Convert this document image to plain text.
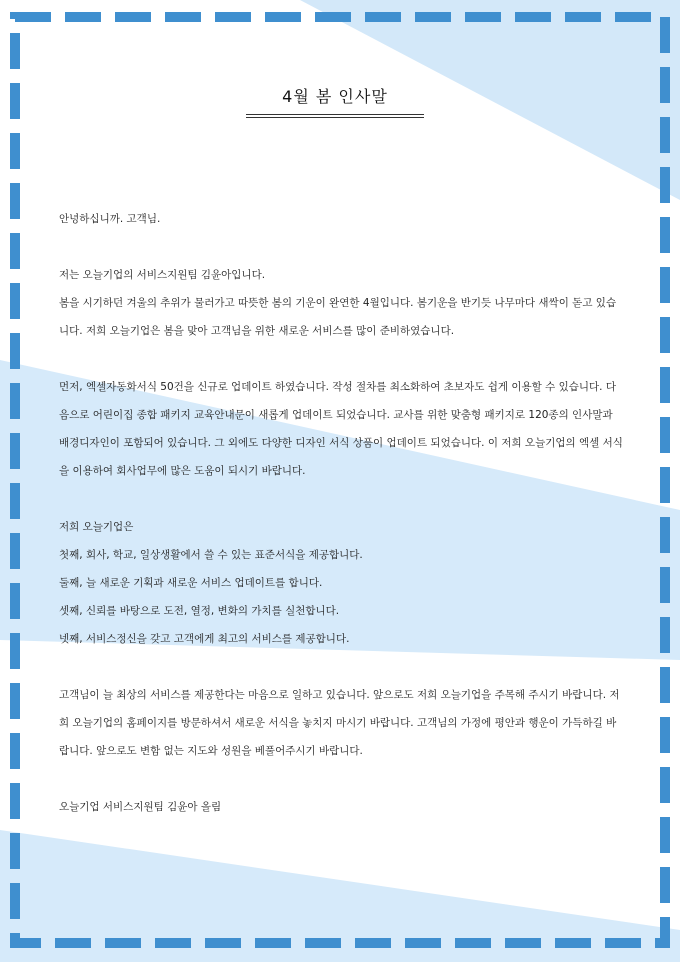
4월 봄 인사말

안녕하십니까. 고객님.

저는 오늘기업의 서비스지원팀 김윤아입니다.

봄을 시기하던 겨울의 추위가 물러가고 따뜻한 봄의 기운이 완연한 4월입니다. 봄기운을 반기듯 나무마다 새싹이 돋고 있습니다. 저희 오늘기업은 봄을 맞아 고객님을 위한 새로운 서비스를 많이 준비하였습니다.

먼저, 엑셀자동화서식 50건을 신규로 업데이트 하였습니다. 작성 절차를 최소화하여 초보자도 쉽게 이용할 수 있습니다. 다음으로 어린이집 종합 패키지 교육안내문이 새롭게 업데이트 되었습니다. 교사를 위한 맞춤형 패키지로 120종의 인사말과 배경디자인이 포함되어 있습니다. 그 외에도 다양한 디자인 서식 상품이 업데이트 되었습니다. 이 저희 오늘기업의 엑셀 서식을 이용하여 회사업무에 많은 도움이 되시기 바랍니다.

저희 오늘기업은

첫째, 회사, 학교, 일상생활에서 쓸 수 있는 표준서식을 제공합니다.

둘째, 늘 새로운 기획과 새로운 서비스 업데이트를 합니다.

셋째, 신뢰를 바탕으로 도전, 열정, 변화의 가치를 실천합니다.

넷째, 서비스정신을 갖고 고객에게 최고의 서비스를 제공합니다.

고객님이 늘 최상의 서비스를 제공한다는 마음으로 일하고 있습니다. 앞으로도 저희 오늘기업을 주목해 주시기 바랍니다. 저희 오늘기업의 홈페이지를 방문하셔서 새로운 서식을 놓치지 마시기 바랍니다. 고객님의 가정에 평안과 행운이 가득하길 바랍니다. 앞으로도 변함 없는 지도와 성원을 베풀어주시기 바랍니다.

오늘기업 서비스지원팀 김윤아 올림
